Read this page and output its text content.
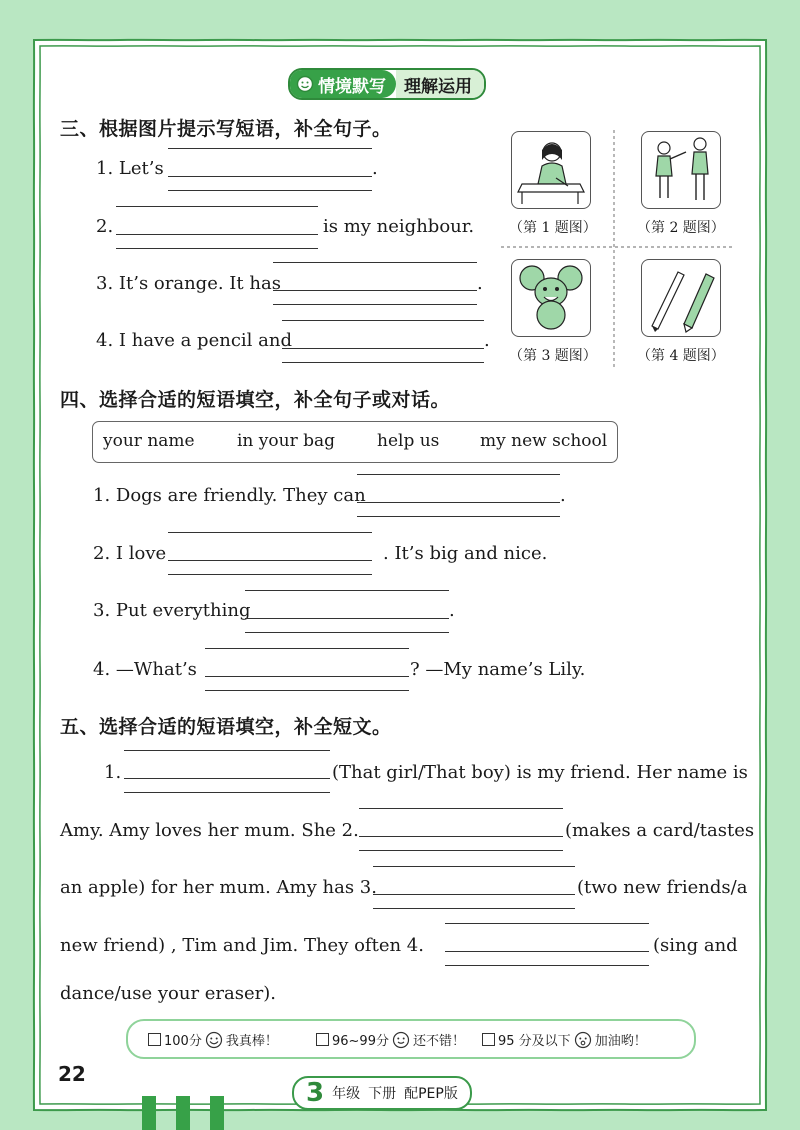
情境默写 理解运用
三、根据图片提示写短语，补全句子。
1. Let’s	.
2.	is my neighbour.
3. It’s orange. It has	.
4. I have a pencil and	.
（第 1 题图）	（第 2 题图）
（第 3 题图）	（第 4 题图）
四、选择合适的短语填空，补全句子或对话。
your name in your bag help us my new school
1. Dogs are friendly. They can	.
2. I love	. It’s big and nice.
3. Put everything	.
4. —What’s	? —My name’s Lily.
五、选择合适的短语填空，补全短文。
1.	(That girl/That boy) is my friend. Her name is
Amy. Amy loves her mum. She 2.	(makes a card/tastes
an apple) for her mum. Amy has 3.	(two new friends/a
new friend) , Tim and Jim. They often 4.	(sing and
dance/use your eraser).
100分 我真棒！	96~99分 还不错！	95 分及以下 加油哟！
22
3 年级 下册 配PEP版
